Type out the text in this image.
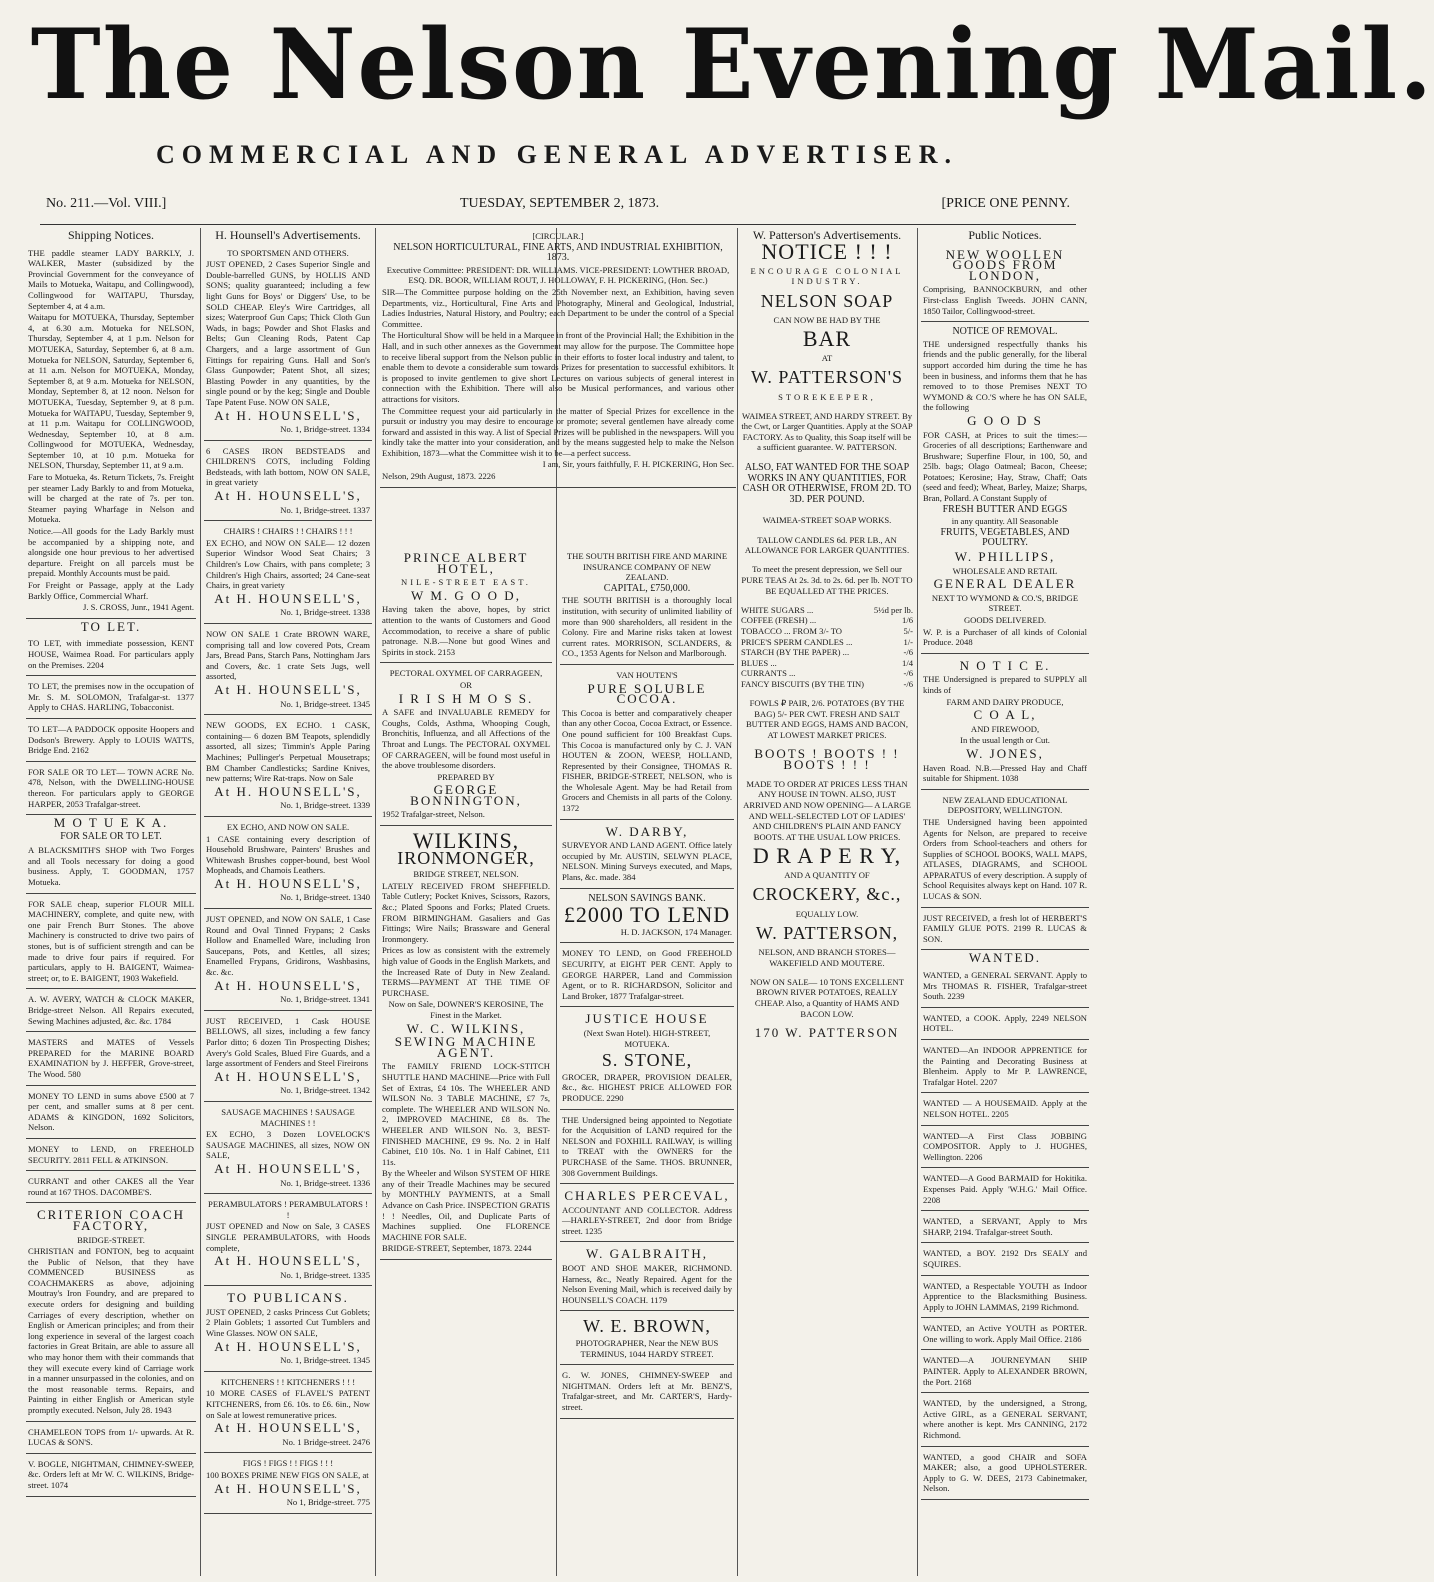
The Nelson Evening Mail.
COMMERCIAL AND GENERAL ADVERTISER.
No. 211.—Vol. VIII.]	TUESDAY, SEPTEMBER 2, 1873.	[PRICE ONE PENNY.
Shipping Notices.

THE paddle steamer LADY BARKLY, J. WALKER, Master (subsidized by the Provincial Government for the conveyance of Mails to Motueka, Waitapu, and Collingwood), Collingwood for WAITAPU, Thursday, September 4, at 4 a.m.

Waitapu for MOTUEKA, Thursday, September 4, at 6.30 a.m. Motueka for NELSON, Thursday, September 4, at 1 p.m. Nelson for MOTUEKA, Saturday, September 6, at 8 a.m. Motueka for NELSON, Saturday, September 6, at 11 a.m. Nelson for MOTUEKA, Monday, September 8, at 9 a.m. Motueka for NELSON, Monday, September 8, at 12 noon. Nelson for MOTUEKA, Tuesday, September 9, at 8 p.m. Motueka for WAITAPU, Tuesday, September 9, at 11 p.m. Waitapu for COLLINGWOOD, Wednesday, September 10, at 8 a.m. Collingwood for MOTUEKA, Wednesday, September 10, at 10 p.m. Motueka for NELSON, Thursday, September 11, at 9 a.m.

Fare to Motueka, 4s. Return Tickets, 7s. Freight per steamer Lady Barkly to and from Motueka, will be charged at the rate of 7s. per ton. Steamer paying Wharfage in Nelson and Motueka.

Notice.—All goods for the Lady Barkly must be accompanied by a shipping note, and alongside one hour previous to her advertised departure. Freight on all parcels must be prepaid. Monthly Accounts must be paid.

For Freight or Passage, apply at the Lady Barkly Office, Commercial Wharf.

J. S. CROSS, Junr., 1941 Agent.

TO LET.

TO LET, with immediate possession, KENT HOUSE, Waimea Road. For particulars apply on the Premises. 2204

TO LET, the premises now in the occupation of Mr. S. M. SOLOMON, Trafalgar-st. 1377 Apply to CHAS. HARLING, Tobacconist.

TO LET—A PADDOCK opposite Hoopers and Dodson's Brewery. Apply to LOUIS WATTS, Bridge End. 2162

FOR SALE OR TO LET— TOWN ACRE No. 478, Nelson, with the DWELLING-HOUSE thereon. For particulars apply to GEORGE HARPER, 2053 Trafalgar-street.

M O T U E K A.
FOR SALE OR TO LET.

A BLACKSMITH'S SHOP with Two Forges and all Tools necessary for doing a good business. Apply, T. GOODMAN, 1757 Motueka.

FOR SALE cheap, superior FLOUR MILL MACHINERY, complete, and quite new, with one pair French Burr Stones. The above Machinery is constructed to drive two pairs of stones, but is of sufficient strength and can be made to drive four pairs if required. For particulars, apply to H. BAIGENT, Waimea-street; or, to E. BAIGENT, 1903 Wakefield.

A. W. AVERY, WATCH & CLOCK MAKER, Bridge-street Nelson. All Repairs executed, Sewing Machines adjusted, &c. &c. 1784

MASTERS and MATES of Vessels PREPARED for the MARINE BOARD EXAMINATION by J. HEFFER, Grove-street, The Wood. 580

MONEY TO LEND in sums above £500 at 7 per cent, and smaller sums at 8 per cent. ADAMS & KINGDON, 1692 Solicitors, Nelson.

MONEY to LEND, on FREEHOLD SECURITY. 2811 FELL & ATKINSON.

CURRANT and other CAKES all the Year round at 167 THOS. DACOMBE'S.

CRITERION COACH FACTORY,

BRIDGE-STREET.

CHRISTIAN and FONTON, beg to acquaint the Public of Nelson, that they have COMMENCED BUSINESS as COACHMAKERS as above, adjoining Moutray's Iron Foundry, and are prepared to execute orders for designing and building Carriages of every description, whether on English or American principles; and from their long experience in several of the largest coach factories in Great Britain, are able to assure all who may honor them with their commands that they will execute every kind of Carriage work in a manner unsurpassed in the colonies, and on the most reasonable terms. Repairs, and Painting in either English or American style promptly executed. Nelson, July 28. 1943

CHAMELEON TOPS from 1/- upwards. At R. LUCAS & SON'S.

V. BOGLE, NIGHTMAN, CHIMNEY-SWEEP, &c. Orders left at Mr W. C. WILKINS, Bridge-street. 1074

H. Hounsell's Advertisements.

TO SPORTSMEN AND OTHERS.

JUST OPENED, 2 Cases Superior Single and Double-barrelled GUNS, by HOLLIS AND SONS; quality guaranteed; including a few light Guns for Boys' or Diggers' Use, to be SOLD CHEAP. Eley's Wire Cartridges, all sizes; Waterproof Gun Caps; Thick Cloth Gun Wads, in bags; Powder and Shot Flasks and Belts; Gun Cleaning Rods, Patent Cap Chargers, and a large assortment of Gun Fittings for repairing Guns. Hall and Son's Glass Gunpowder; Patent Shot, all sizes; Blasting Powder in any quantities, by the single pound or by the keg; Single and Double Tape Patent Fuse. NOW ON SALE,

At H. HOUNSELL'S,

No. 1, Bridge-street. 1334

6 CASES IRON BEDSTEADS and CHILDREN'S COTS, including Folding Bedsteads, with lath bottom, NOW ON SALE, in great variety

At H. HOUNSELL'S,

No. 1, Bridge-street. 1337

CHAIRS ! CHAIRS ! ! CHAIRS ! ! !

EX ECHO, and NOW ON SALE— 12 dozen Superior Windsor Wood Seat Chairs; 3 Children's Low Chairs, with pans complete; 3 Children's High Chairs, assorted; 24 Cane-seat Chairs, in great variety

At H. HOUNSELL'S,

No. 1, Bridge-street. 1338

NOW ON SALE 1 Crate BROWN WARE, comprising tall and low covered Pots, Cream Jars, Bread Pans, Starch Pans, Nottingham Jars and Covers, &c. 1 crate Sets Jugs, well assorted,

At H. HOUNSELL'S,

No. 1, Bridge-street. 1345

NEW GOODS, EX ECHO. 1 CASK, containing— 6 dozen BM Teapots, splendidly assorted, all sizes; Timmin's Apple Paring Machines; Pullinger's Perpetual Mousetraps; BM Chamber Candlesticks; Sardine Knives, new patterns; Wire Rat-traps. Now on Sale

At H. HOUNSELL'S,

No. 1, Bridge-street. 1339

EX ECHO, AND NOW ON SALE.

1 CASE containing every description of Household Brushware, Painters' Brushes and Whitewash Brushes copper-bound, best Wool Mopheads, and Chamois Leathers.

At H. HOUNSELL'S,

No. 1, Bridge-street. 1340

JUST OPENED, and NOW ON SALE, 1 Case Round and Oval Tinned Frypans; 2 Casks Hollow and Enamelled Ware, including Iron Saucepans, Pots, and Kettles, all sizes; Enamelled Frypans, Gridirons, Washbasins, &c. &c.

At H. HOUNSELL'S,

No. 1, Bridge-street. 1341

JUST RECEIVED, 1 Cask HOUSE BELLOWS, all sizes, including a few fancy Parlor ditto; 6 dozen Tin Prospecting Dishes; Avery's Gold Scales, Blued Fire Guards, and a large assortment of Fenders and Steel Fireirons

At H. HOUNSELL'S,

No. 1, Bridge-street. 1342

SAUSAGE MACHINES ! SAUSAGE MACHINES ! !

EX ECHO, 3 Dozen LOVELOCK'S SAUSAGE MACHINES, all sizes, NOW ON SALE,

At H. HOUNSELL'S,

No. 1, Bridge-street. 1336

PERAMBULATORS ! PERAMBULATORS ! !

JUST OPENED and Now on Sale, 3 CASES SINGLE PERAMBULATORS, with Hoods complete,

At H. HOUNSELL'S,

No. 1, Bridge-street. 1335

TO PUBLICANS.

JUST OPENED, 2 casks Princess Cut Goblets; 2 Plain Goblets; 1 assorted Cut Tumblers and Wine Glasses. NOW ON SALE,

At H. HOUNSELL'S,

No. 1, Bridge-street. 1345

KITCHENERS ! ! KITCHENERS ! ! !

10 MORE CASES of FLAVEL'S PATENT KITCHENERS, from £6. 10s. to £6. 6in., Now on Sale at lowest remunerative prices.

At H. HOUNSELL'S,

No. 1 Bridge-street. 2476

FIGS ! FIGS ! ! FIGS ! ! !

100 BOXES PRIME NEW FIGS ON SALE, at

At H. HOUNSELL'S,

No 1, Bridge-street. 775

[CIRCULAR.]

NELSON HORTICULTURAL, FINE ARTS, AND INDUSTRIAL EXHIBITION, 1873.

Executive Committee: PRESIDENT: DR. WILLIAMS. VICE-PRESIDENT: LOWTHER BROAD, ESQ. DR. BOOR, WILLIAM ROUT, J. HOLLOWAY, F. H. PICKERING, (Hon. Sec.)

SIR—The Committee purpose holding on the 25th November next, an Exhibition, having seven Departments, viz., Horticultural, Fine Arts and Photography, Mineral and Geological, Industrial, Ladies Industries, Natural History, and Poultry; each Department to be under the control of a Special Committee.

The Horticultural Show will be held in a Marquee in front of the Provincial Hall; the Exhibition in the Hall, and in such other annexes as the Government may allow for the purpose. The Committee hope to receive liberal support from the Nelson public in their efforts to foster local industry and talent, to enable them to devote a considerable sum towards Prizes for presentation to successful exhibitors. It is proposed to invite gentlemen to give short Lectures on various subjects of general interest in connection with the Exhibition. There will also be Musical performances, and various other attractions for visitors.

The Committee request your aid particularly in the matter of Special Prizes for excellence in the pursuit or industry you may desire to encourage or promote; several gentlemen have already come forward and assisted in this way. A list of Special Prizes will be published in the newspapers. Will you kindly take the matter into your consideration, and by the means suggested help to make the Nelson Exhibition, 1873—what the Committee wish it to be—a perfect success.

I am, Sir, yours faithfully, F. H. PICKERING, Hon Sec.

Nelson, 29th August, 1873. 2226

PRINCE ALBERT HOTEL,

NILE-STREET EAST.

W M. G O O D,

Having taken the above, hopes, by strict attention to the wants of Customers and Good Accommodation, to receive a share of public patronage. N.B.—None but good Wines and Spirits in stock. 2153

PECTORAL OXYMEL OF CARRAGEEN,

OR

I R I S H M O S S.

A SAFE and INVALUABLE REMEDY for Coughs, Colds, Asthma, Whooping Cough, Bronchitis, Influenza, and all Affections of the Throat and Lungs. The PECTORAL OXYMEL OF CARRAGEEN, will be found most useful in the above troublesome disorders.

PREPARED BY

GEORGE BONNINGTON,

1952 Trafalgar-street, Nelson.

WILKINS,
IRONMONGER,

BRIDGE STREET, NELSON.

LATELY RECEIVED FROM SHEFFIELD. Table Cutlery; Pocket Knives, Scissors, Razors, &c.; Plated Spoons and Forks; Plated Cruets. FROM BIRMINGHAM. Gasaliers and Gas Fittings; Wire Nails; Brassware and General Ironmongery.

Prices as low as consistent with the extremely high value of Goods in the English Markets, and the Increased Rate of Duty in New Zealand. TERMS—PAYMENT AT THE TIME OF PURCHASE.

Now on Sale, DOWNER'S KEROSINE, The Finest in the Market.

W. C. WILKINS,
SEWING MACHINE AGENT.

The FAMILY FRIEND LOCK-STITCH SHUTTLE HAND MACHINE—Price with Full Set of Extras, £4 10s. The WHEELER AND WILSON No. 3 TABLE MACHINE, £7 7s, complete. The WHEELER AND WILSON No. 2, IMPROVED MACHINE, £8 8s. The WHEELER AND WILSON No. 3, BEST-FINISHED MACHINE, £9 9s. No. 2 in Half Cabinet, £10 10s. No. 1 in Half Cabinet, £11 11s.

By the Wheeler and Wilson SYSTEM OF HIRE any of their Treadle Machines may be secured by MONTHLY PAYMENTS, at a Small Advance on Cash Price. INSPECTION GRATIS ! ! Needles, Oil, and Duplicate Parts of Machines supplied. One FLORENCE MACHINE FOR SALE.

BRIDGE-STREET, September, 1873. 2244

THE SOUTH BRITISH FIRE AND MARINE INSURANCE COMPANY OF NEW ZEALAND.

CAPITAL, £750,000.

THE SOUTH BRITISH is a thoroughly local institution, with security of unlimited liability of more than 900 shareholders, all resident in the Colony. Fire and Marine risks taken at lowest current rates. MORRISON, SCLANDERS, & CO., 1353 Agents for Nelson and Marlborough.

VAN HOUTEN'S

PURE SOLUBLE COCOA.

This Cocoa is better and comparatively cheaper than any other Cocoa, Cocoa Extract, or Essence. One pound sufficient for 100 Breakfast Cups. This Cocoa is manufactured only by C. J. VAN HOUTEN & ZOON, WEESP, HOLLAND, Represented by their Consignee, THOMAS R. FISHER, BRIDGE-STREET, NELSON, who is the Wholesale Agent. May be had Retail from Grocers and Chemists in all parts of the Colony. 1372

W. DARBY,

SURVEYOR AND LAND AGENT. Office lately occupied by Mr. AUSTIN, SELWYN PLACE, NELSON. Mining Surveys executed, and Maps, Plans, &c. made. 384

NELSON SAVINGS BANK.

£2000 TO LEND

H. D. JACKSON, 174 Manager.

MONEY TO LEND, on Good FREEHOLD SECURITY, at EIGHT PER CENT. Apply to GEORGE HARPER, Land and Commission Agent, or to R. RICHARDSON, Solicitor and Land Broker, 1877 Trafalgar-street.

JUSTICE HOUSE

(Next Swan Hotel). HIGH-STREET, MOTUEKA.

S. STONE,

GROCER, DRAPER, PROVISION DEALER, &c., &c. HIGHEST PRICE ALLOWED FOR PRODUCE. 2290

THE Undersigned being appointed to Negotiate for the Acquisition of LAND required for the NELSON and FOXHILL RAILWAY, is willing to TREAT with the OWNERS for the PURCHASE of the Same. THOS. BRUNNER, 308 Government Buildings.

CHARLES PERCEVAL,

ACCOUNTANT AND COLLECTOR. Address—HARLEY-STREET, 2nd door from Bridge street. 1235

W. GALBRAITH,

BOOT AND SHOE MAKER, RICHMOND. Harness, &c., Neatly Repaired. Agent for the Nelson Evening Mail, which is received daily by HOUNSELL'S COACH. 1179

W. E. BROWN,

PHOTOGRAPHER, Near the NEW BUS TERMINUS, 1044 HARDY STREET.

G. W. JONES, CHIMNEY-SWEEP and NIGHTMAN. Orders left at Mr. BENZ'S, Trafalgar-street, and Mr. CARTER'S, Hardy-street.

W. Patterson's Advertisements.
NOTICE ! ! !

ENCOURAGE COLONIAL INDUSTRY.

NELSON SOAP

CAN NOW BE HAD BY THE

BAR

AT

W. PATTERSON'S

STOREKEEPER,

WAIMEA STREET, AND HARDY STREET. By the Cwt, or Larger Quantities. Apply at the SOAP FACTORY. As to Quality, this Soap itself will be a sufficient guarantee. W. PATTERSON.

ALSO, FAT WANTED FOR THE SOAP WORKS IN ANY QUANTITIES, FOR CASH OR OTHERWISE, FROM 2D. TO 3D. PER POUND.

WAIMEA-STREET SOAP WORKS.

TALLOW CANDLES 6d. PER LB., AN ALLOWANCE FOR LARGER QUANTITIES.

To meet the present depression, we Sell our PURE TEAS At 2s. 3d. to 2s. 6d. per lb. NOT TO BE EQUALLED AT THE PRICES.

WHITE SUGARS ...	5½d per lb.
COFFEE (FRESH) ...	1/6
TOBACCO ... FROM 3/- TO	5/-
PRICE'S SPERM CANDLES ...	1/-
STARCH (BY THE PAPER) ...	-/6
BLUES ...	1/4
CURRANTS ...	-/6
FANCY BISCUITS (BY THE TIN)	-/6

FOWLS ₽ PAIR, 2/6. POTATOES (BY THE BAG) 5/- PER CWT. FRESH AND SALT BUTTER AND EGGS, HAMS AND BACON, AT LOWEST MARKET PRICES.

BOOTS ! BOOTS ! ! BOOTS ! ! !

MADE TO ORDER AT PRICES LESS THAN ANY HOUSE IN TOWN. ALSO, JUST ARRIVED AND NOW OPENING— A LARGE AND WELL-SELECTED LOT OF LADIES' AND CHILDREN'S PLAIN AND FANCY BOOTS. AT THE USUAL LOW PRICES.

D R A P E R Y,

AND A QUANTITY OF

CROCKERY, &c.,

EQUALLY LOW.

W. PATTERSON,

NELSON, AND BRANCH STORES— WAKEFIELD AND MOUTERE.

NOW ON SALE— 10 TONS EXCELLENT BROWN RIVER POTATOES, REALLY CHEAP. Also, a Quantity of HAMS AND BACON LOW.

170 W. PATTERSON
Public Notices.
NEW WOOLLEN GOODS FROM LONDON,

Comprising, BANNOCKBURN, and other First-class English Tweeds. JOHN CANN, 1850 Tailor, Collingwood-street.

NOTICE OF REMOVAL.

THE undersigned respectfully thanks his friends and the public generally, for the liberal support accorded him during the time he has been in business, and informs them that he has removed to to those Premises NEXT TO WYMOND & CO.'S where he has ON SALE, the following

G O O D S

FOR CASH, at Prices to suit the times:— Groceries of all descriptions; Earthenware and Brushware; Superfine Flour, in 100, 50, and 25lb. bags; Olago Oatmeal; Bacon, Cheese; Potatoes; Kerosine; Hay, Straw, Chaff; Oats (seed and feed); Wheat, Barley, Maize; Sharps, Bran, Pollard. A Constant Supply of

FRESH BUTTER AND EGGS

in any quantity. All Seasonable

FRUITS, VEGETABLES, AND POULTRY.

W. PHILLIPS,

WHOLESALE AND RETAIL

GENERAL DEALER

NEXT TO WYMOND & CO.'S, BRIDGE STREET.

GOODS DELIVERED.

W. P. is a Purchaser of all kinds of Colonial Produce. 2048

N O T I C E.

THE Undersigned is prepared to SUPPLY all kinds of

FARM AND DAIRY PRODUCE,

C O A L,

AND FIREWOOD,

In the usual length or Cut.

W. JONES,

Haven Road. N.B.—Pressed Hay and Chaff suitable for Shipment. 1038

NEW ZEALAND EDUCATIONAL DEPOSITORY, WELLINGTON.

THE Undersigned having been appointed Agents for Nelson, are prepared to receive Orders from School-teachers and others for Supplies of SCHOOL BOOKS, WALL MAPS, ATLASES, DIAGRAMS, and SCHOOL APPARATUS of every description. A supply of School Requisites always kept on Hand. 107 R. LUCAS & SON.

JUST RECEIVED, a fresh lot of HERBERT'S FAMILY GLUE POTS. 2199 R. LUCAS & SON.

WANTED.

WANTED, a GENERAL SERVANT. Apply to Mrs THOMAS R. FISHER, Trafalgar-street South. 2239

WANTED, a COOK. Apply, 2249 NELSON HOTEL.

WANTED—An INDOOR APPRENTICE for the Painting and Decorating Business at Blenheim. Apply to Mr P. LAWRENCE, Trafalgar Hotel. 2207

WANTED — A HOUSEMAID. Apply at the NELSON HOTEL. 2205

WANTED—A First Class JOBBING COMPOSITOR. Apply to J. HUGHES, Wellington. 2206

WANTED—A Good BARMAID for Hokitika. Expenses Paid. Apply 'W.H.G.' Mail Office. 2208

WANTED, a SERVANT, Apply to Mrs SHARP, 2194. Trafalgar-street South.

WANTED, a BOY. 2192 Drs SEALY and SQUIRES.

WANTED, a Respectable YOUTH as Indoor Apprentice to the Blacksmithing Business. Apply to JOHN LAMMAS, 2199 Richmond.

WANTED, an Active YOUTH as PORTER. One willing to work. Apply Mail Office. 2186

WANTED—A JOURNEYMAN SHIP PAINTER. Apply to ALEXANDER BROWN, the Port. 2168

WANTED, by the undersigned, a Strong, Active GIRL, as a GENERAL SERVANT, where another is kept. Mrs CANNING, 2172 Richmond.

WANTED, a good CHAIR and SOFA MAKER; also, a good UPHOLSTERER. Apply to G. W. DEES, 2173 Cabinetmaker, Nelson.
